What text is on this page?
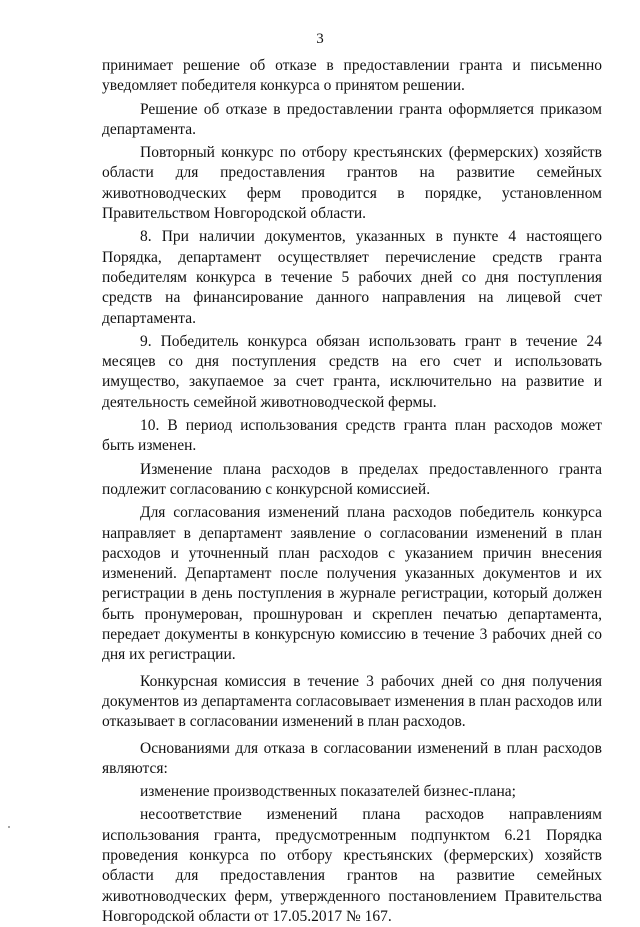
3

принимает решение об отказе в предоставлении гранта и письменно уведомляет победителя конкурса о принятом решении.

Решение об отказе в предоставлении гранта оформляется приказом департамента.

Повторный конкурс по отбору крестьянских (фермерских) хозяйств области для предоставления грантов на развитие семейных животноводческих ферм проводится в порядке, установленном Правительством Новгородской области.

8. При наличии документов, указанных в пункте 4 настоящего Порядка, департамент осуществляет перечисление средств гранта победителям конкурса в течение 5 рабочих дней со дня поступления средств на финансирование данного направления на лицевой счет департамента.

9. Победитель конкурса обязан использовать грант в течение 24 месяцев со дня поступления средств на его счет и использовать имущество, закупаемое за счет гранта, исключительно на развитие и деятельность семейной животноводческой фермы.

10. В период использования средств гранта план расходов может быть изменен.

Изменение плана расходов в пределах предоставленного гранта подлежит согласованию с конкурсной комиссией.

Для согласования изменений плана расходов победитель конкурса направляет в департамент заявление о согласовании изменений в план расходов и уточненный план расходов с указанием причин внесения изменений. Департамент после получения указанных документов и их регистрации в день поступления в журнале регистрации, который должен быть пронумерован, прошнурован и скреплен печатью департамента, передает документы в конкурсную комиссию в течение 3 рабочих дней со дня их регистрации.

Конкурсная комиссия в течение 3 рабочих дней со дня получения документов из департамента согласовывает изменения в план расходов или отказывает в согласовании изменений в план расходов.

Основаниями для отказа в согласовании изменений в план расходов являются:

изменение производственных показателей бизнес-плана;

несоответствие изменений плана расходов направлениям использования гранта, предусмотренным подпунктом 6.21 Порядка проведения конкурса по отбору крестьянских (фермерских) хозяйств области для предоставления грантов на развитие семейных животноводческих ферм, утвержденного постановлением Правительства Новгородской области от 17.05.2017 № 167.
